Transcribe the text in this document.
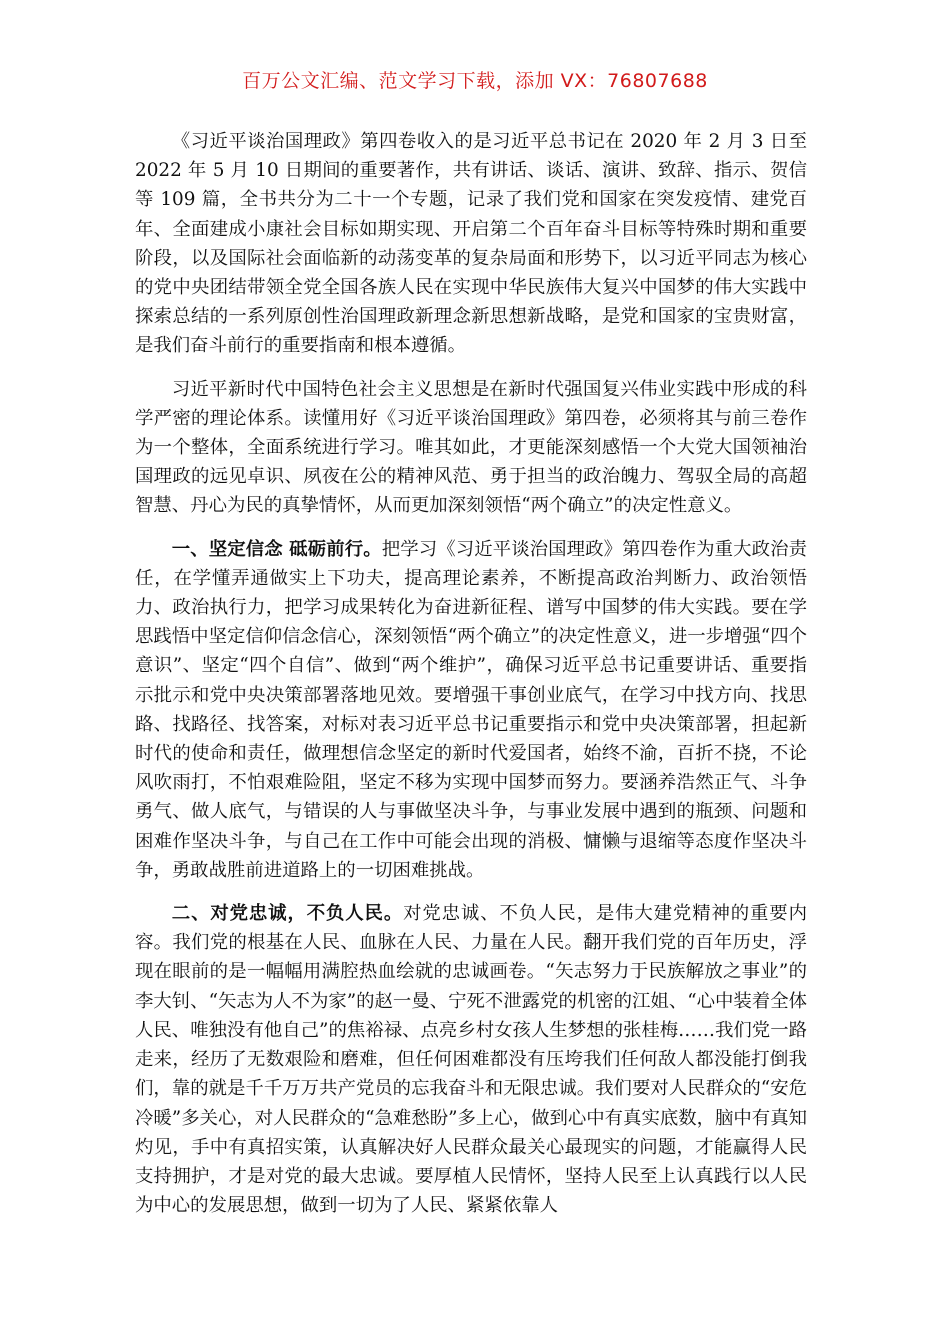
百万公文汇编、范文学习下载，添加 VX：76807688

《习近平谈治国理政》第四卷收入的是习近平总书记在 2020 年 2 月 3 日至 2022 年 5 月 10 日期间的重要著作，共有讲话、谈话、演讲、致辞、指示、贺信等 109 篇，全书共分为二十一个专题，记录了我们党和国家在突发疫情、建党百年、全面建成小康社会目标如期实现、开启第二个百年奋斗目标等特殊时期和重要阶段，以及国际社会面临新的动荡变革的复杂局面和形势下，以习近平同志为核心的党中央团结带领全党全国各族人民在实现中华民族伟大复兴中国梦的伟大实践中探索总结的一系列原创性治国理政新理念新思想新战略，是党和国家的宝贵财富，是我们奋斗前行的重要指南和根本遵循。

习近平新时代中国特色社会主义思想是在新时代强国复兴伟业实践中形成的科学严密的理论体系。读懂用好《习近平谈治国理政》第四卷，必须将其与前三卷作为一个整体，全面系统进行学习。唯其如此，才更能深刻感悟一个大党大国领袖治国理政的远见卓识、夙夜在公的精神风范、勇于担当的政治魄力、驾驭全局的高超智慧、丹心为民的真挚情怀，从而更加深刻领悟“两个确立”的决定性意义。

一、坚定信念 砥砺前行。把学习《习近平谈治国理政》第四卷作为重大政治责任，在学懂弄通做实上下功夫，提高理论素养，不断提高政治判断力、政治领悟力、政治执行力，把学习成果转化为奋进新征程、谱写中国梦的伟大实践。要在学思践悟中坚定信仰信念信心，深刻领悟“两个确立”的决定性意义，进一步增强“四个意识”、坚定“四个自信”、做到“两个维护”，确保习近平总书记重要讲话、重要指示批示和党中央决策部署落地见效。要增强干事创业底气，在学习中找方向、找思路、找路径、找答案，对标对表习近平总书记重要指示和党中央决策部署，担起新时代的使命和责任，做理想信念坚定的新时代爱国者，始终不渝，百折不挠，不论风吹雨打，不怕艰难险阻，坚定不移为实现中国梦而努力。要涵养浩然正气、斗争勇气、做人底气，与错误的人与事做坚决斗争，与事业发展中遇到的瓶颈、问题和困难作坚决斗争，与自己在工作中可能会出现的消极、慵懒与退缩等态度作坚决斗争，勇敢战胜前进道路上的一切困难挑战。

二、对党忠诚，不负人民。对党忠诚、不负人民，是伟大建党精神的重要内容。我们党的根基在人民、血脉在人民、力量在人民。翻开我们党的百年历史，浮现在眼前的是一幅幅用满腔热血绘就的忠诚画卷。“矢志努力于民族解放之事业”的李大钊、“矢志为人不为家”的赵一曼、宁死不泄露党的机密的江姐、“心中装着全体人民、唯独没有他自己”的焦裕禄、点亮乡村女孩人生梦想的张桂梅……我们党一路走来，经历了无数艰险和磨难，但任何困难都没有压垮我们任何敌人都没能打倒我们，靠的就是千千万万共产党员的忘我奋斗和无限忠诚。我们要对人民群众的“安危冷暖”多关心，对人民群众的“急难愁盼”多上心，做到心中有真实底数，脑中有真知灼见，手中有真招实策，认真解决好人民群众最关心最现实的问题，才能赢得人民支持拥护，才是对党的最大忠诚。要厚植人民情怀，坚持人民至上认真践行以人民为中心的发展思想，做到一切为了人民、紧紧依靠人
